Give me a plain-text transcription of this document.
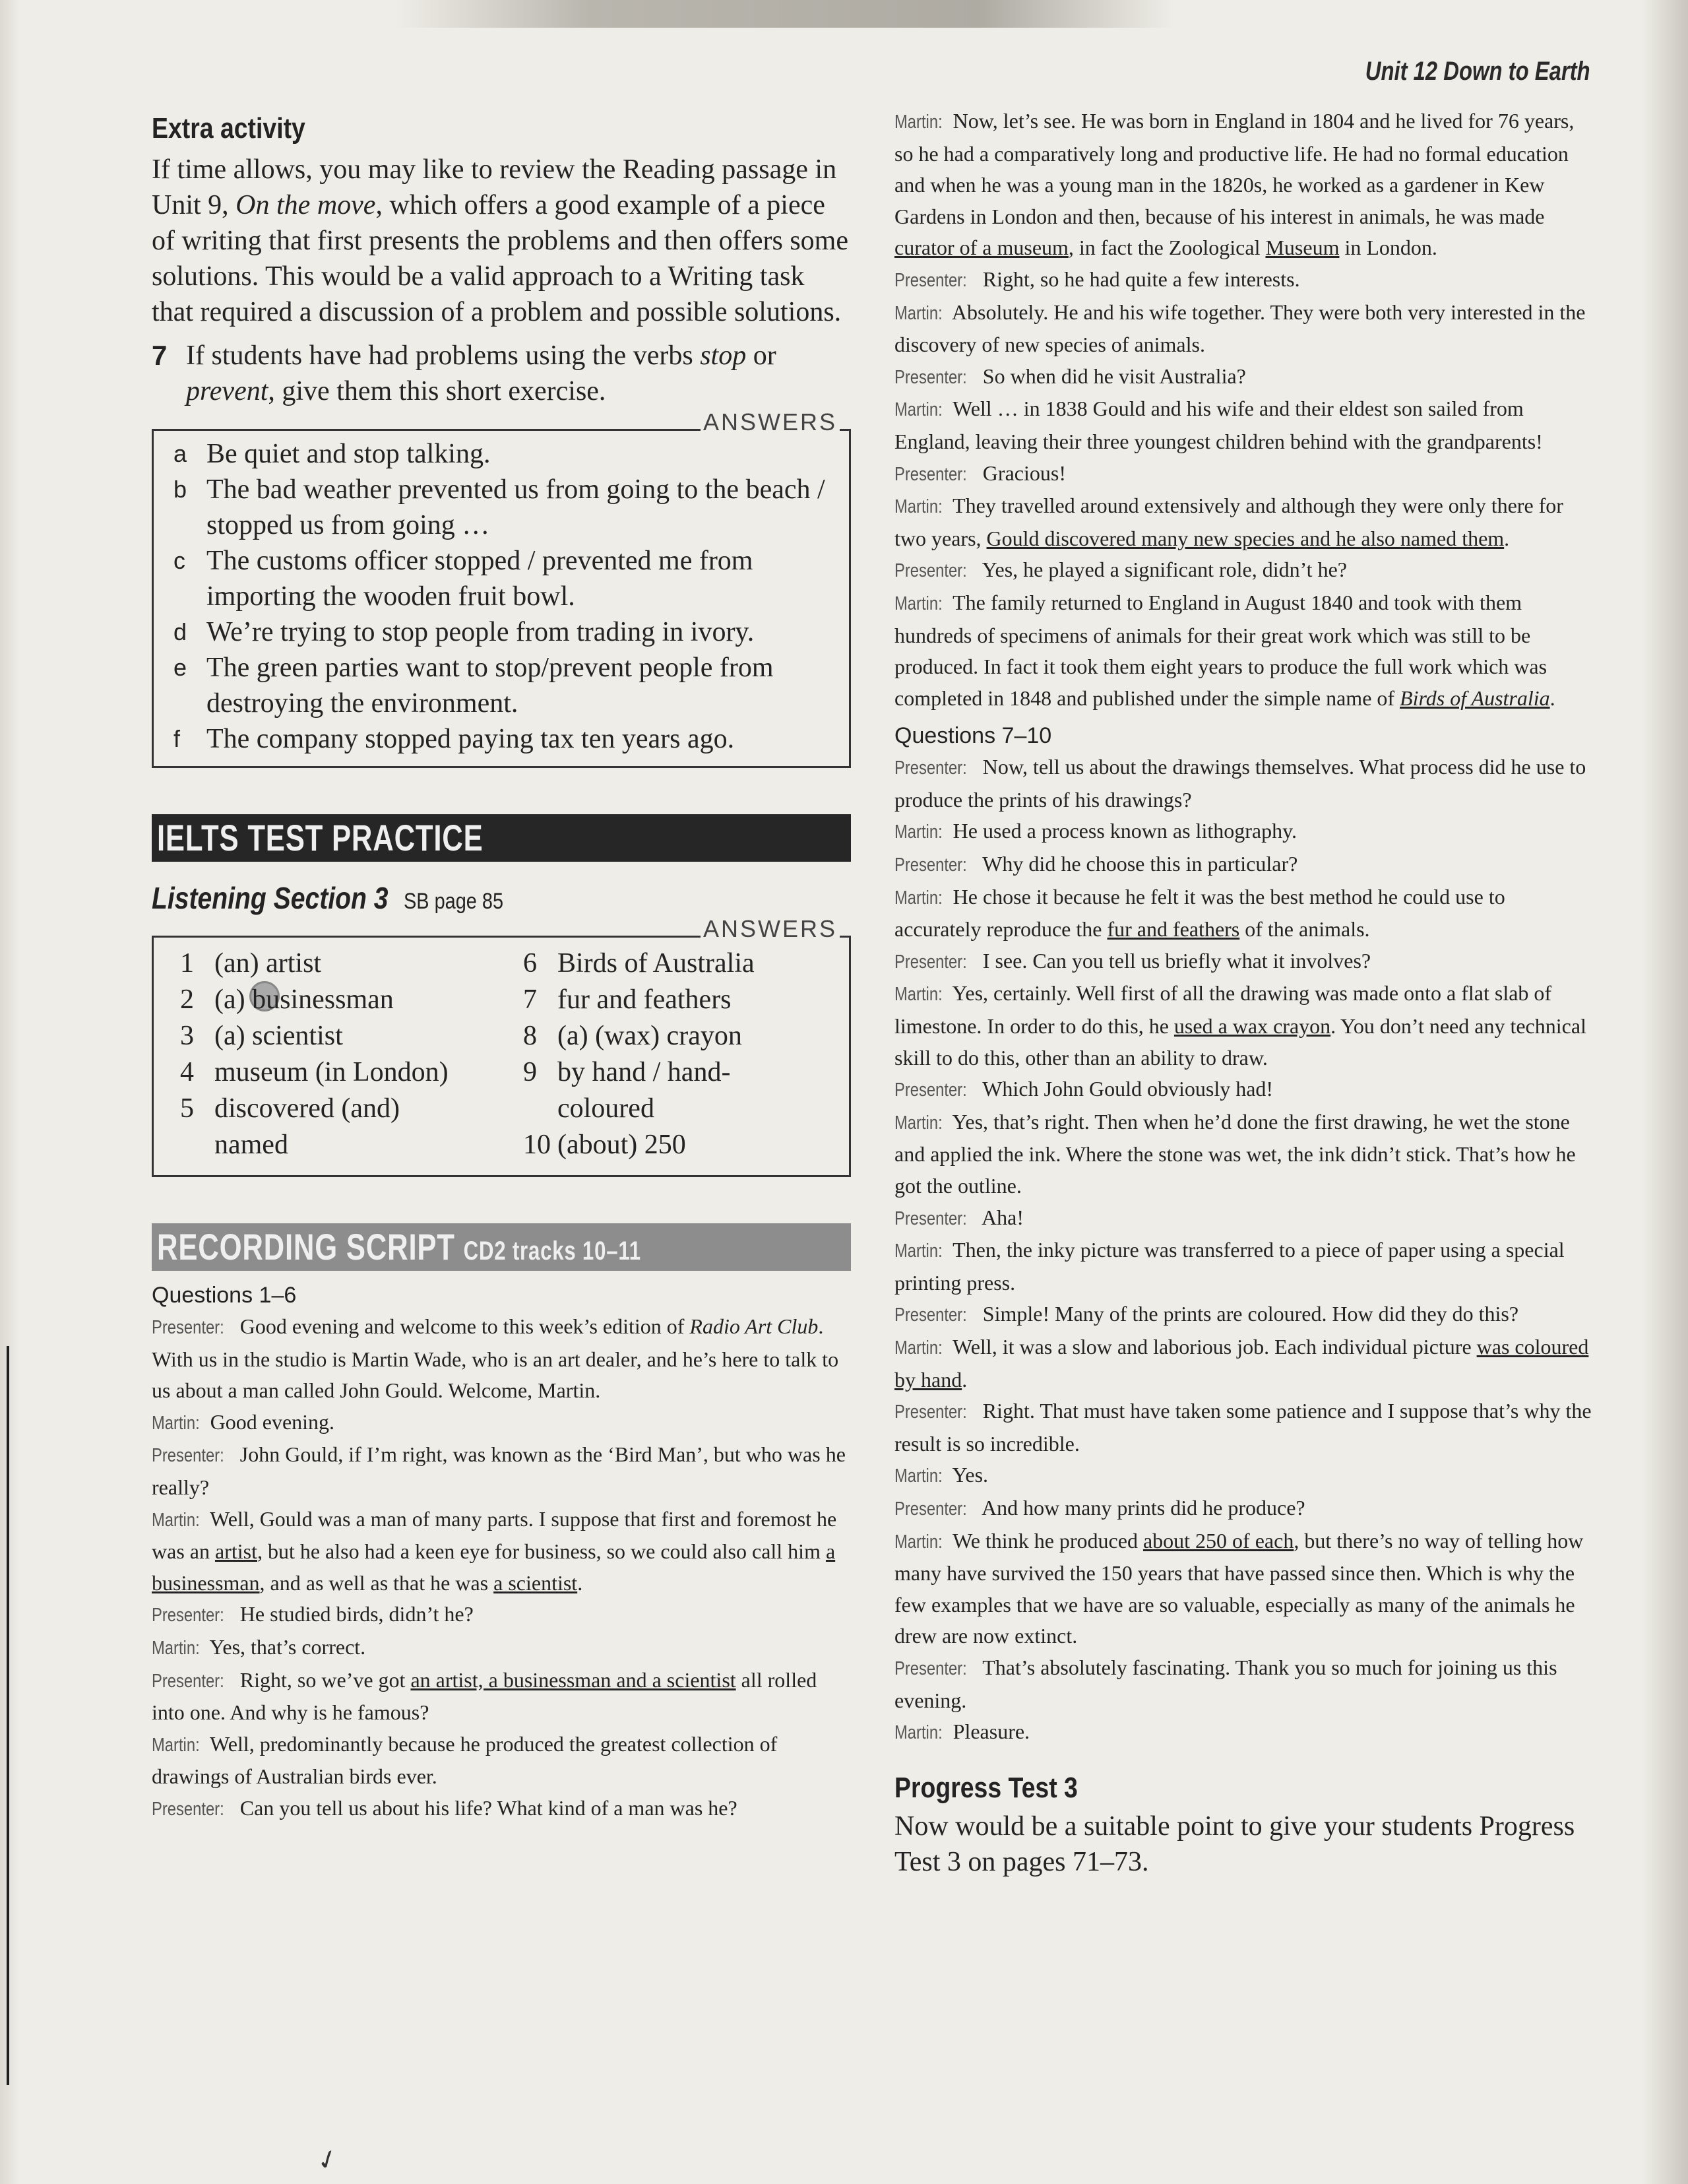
Unit 12 Down to Earth
Extra activity
If time allows, you may like to review the Reading passage in Unit 9, On the move, which offers a good example of a piece of writing that first presents the problems and then offers some solutions. This would be a valid approach to a Writing task that required a discussion of a problem and possible solutions.
7 If students have had problems using the verbs stop or prevent, give them this short exercise.
ANSWERS
a Be quiet and stop talking.
b The bad weather prevented us from going to the beach / stopped us from going …
c The customs officer stopped / prevented me from importing the wooden fruit bowl.
d We’re trying to stop people from trading in ivory.
e The green parties want to stop/prevent people from destroying the environment.
f The company stopped paying tax ten years ago.
IELTS TEST PRACTICE
Listening Section 3 SB page 85
ANSWERS
1 (an) artist
2 (a) businessman
3 (a) scientist
4 museum (in London)
5 discovered (and) named
6 Birds of Australia
7 fur and feathers
8 (a) (wax) crayon
9 by hand / hand-coloured
10 (about) 250
RECORDING SCRIPT CD2 tracks 10–11
Questions 1–6

Presenter: Good evening and welcome to this week’s edition of Radio Art Club. With us in the studio is Martin Wade, who is an art dealer, and he’s here to talk to us about a man called John Gould. Welcome, Martin.

Martin: Good evening.

Presenter: John Gould, if I’m right, was known as the ‘Bird Man’, but who was he really?

Martin: Well, Gould was a man of many parts. I suppose that first and foremost he was an artist, but he also had a keen eye for business, so we could also call him a businessman, and as well as that he was a scientist.

Presenter: He studied birds, didn’t he?

Martin: Yes, that’s correct.

Presenter: Right, so we’ve got an artist, a businessman and a scientist all rolled into one. And why is he famous?

Martin: Well, predominantly because he produced the greatest collection of drawings of Australian birds ever.

Presenter: Can you tell us about his life? What kind of a man was he?

Martin: Now, let’s see. He was born in England in 1804 and he lived for 76 years, so he had a comparatively long and productive life. He had no formal education and when he was a young man in the 1820s, he worked as a gardener in Kew Gardens in London and then, because of his interest in animals, he was made curator of a museum, in fact the Zoological Museum in London.

Presenter: Right, so he had quite a few interests.

Martin: Absolutely. He and his wife together. They were both very interested in the discovery of new species of animals.

Presenter: So when did he visit Australia?

Martin: Well … in 1838 Gould and his wife and their eldest son sailed from England, leaving their three youngest children behind with the grandparents!

Presenter: Gracious!

Martin: They travelled around extensively and although they were only there for two years, Gould discovered many new species and he also named them.

Presenter: Yes, he played a significant role, didn’t he?

Martin: The family returned to England in August 1840 and took with them hundreds of specimens of animals for their great work which was still to be produced. In fact it took them eight years to produce the full work which was completed in 1848 and published under the simple name of Birds of Australia.

Questions 7–10

Presenter: Now, tell us about the drawings themselves. What process did he use to produce the prints of his drawings?

Martin: He used a process known as lithography.

Presenter: Why did he choose this in particular?

Martin: He chose it because he felt it was the best method he could use to accurately reproduce the fur and feathers of the animals.

Presenter: I see. Can you tell us briefly what it involves?

Martin: Yes, certainly. Well first of all the drawing was made onto a flat slab of limestone. In order to do this, he used a wax crayon. You don’t need any technical skill to do this, other than an ability to draw.

Presenter: Which John Gould obviously had!

Martin: Yes, that’s right. Then when he’d done the first drawing, he wet the stone and applied the ink. Where the stone was wet, the ink didn’t stick. That’s how he got the outline.

Presenter: Aha!

Martin: Then, the inky picture was transferred to a piece of paper using a special printing press.

Presenter: Simple! Many of the prints are coloured. How did they do this?

Martin: Well, it was a slow and laborious job. Each individual picture was coloured by hand.

Presenter: Right. That must have taken some patience and I suppose that’s why the result is so incredible.

Martin: Yes.

Presenter: And how many prints did he produce?

Martin: We think he produced about 250 of each, but there’s no way of telling how many have survived the 150 years that have passed since then. Which is why the few examples that we have are so valuable, especially as many of the animals he drew are now extinct.

Presenter: That’s absolutely fascinating. Thank you so much for joining us this evening.

Martin: Pleasure.

Progress Test 3
Now would be a suitable point to give your students Progress Test 3 on pages 71–73.
✓
